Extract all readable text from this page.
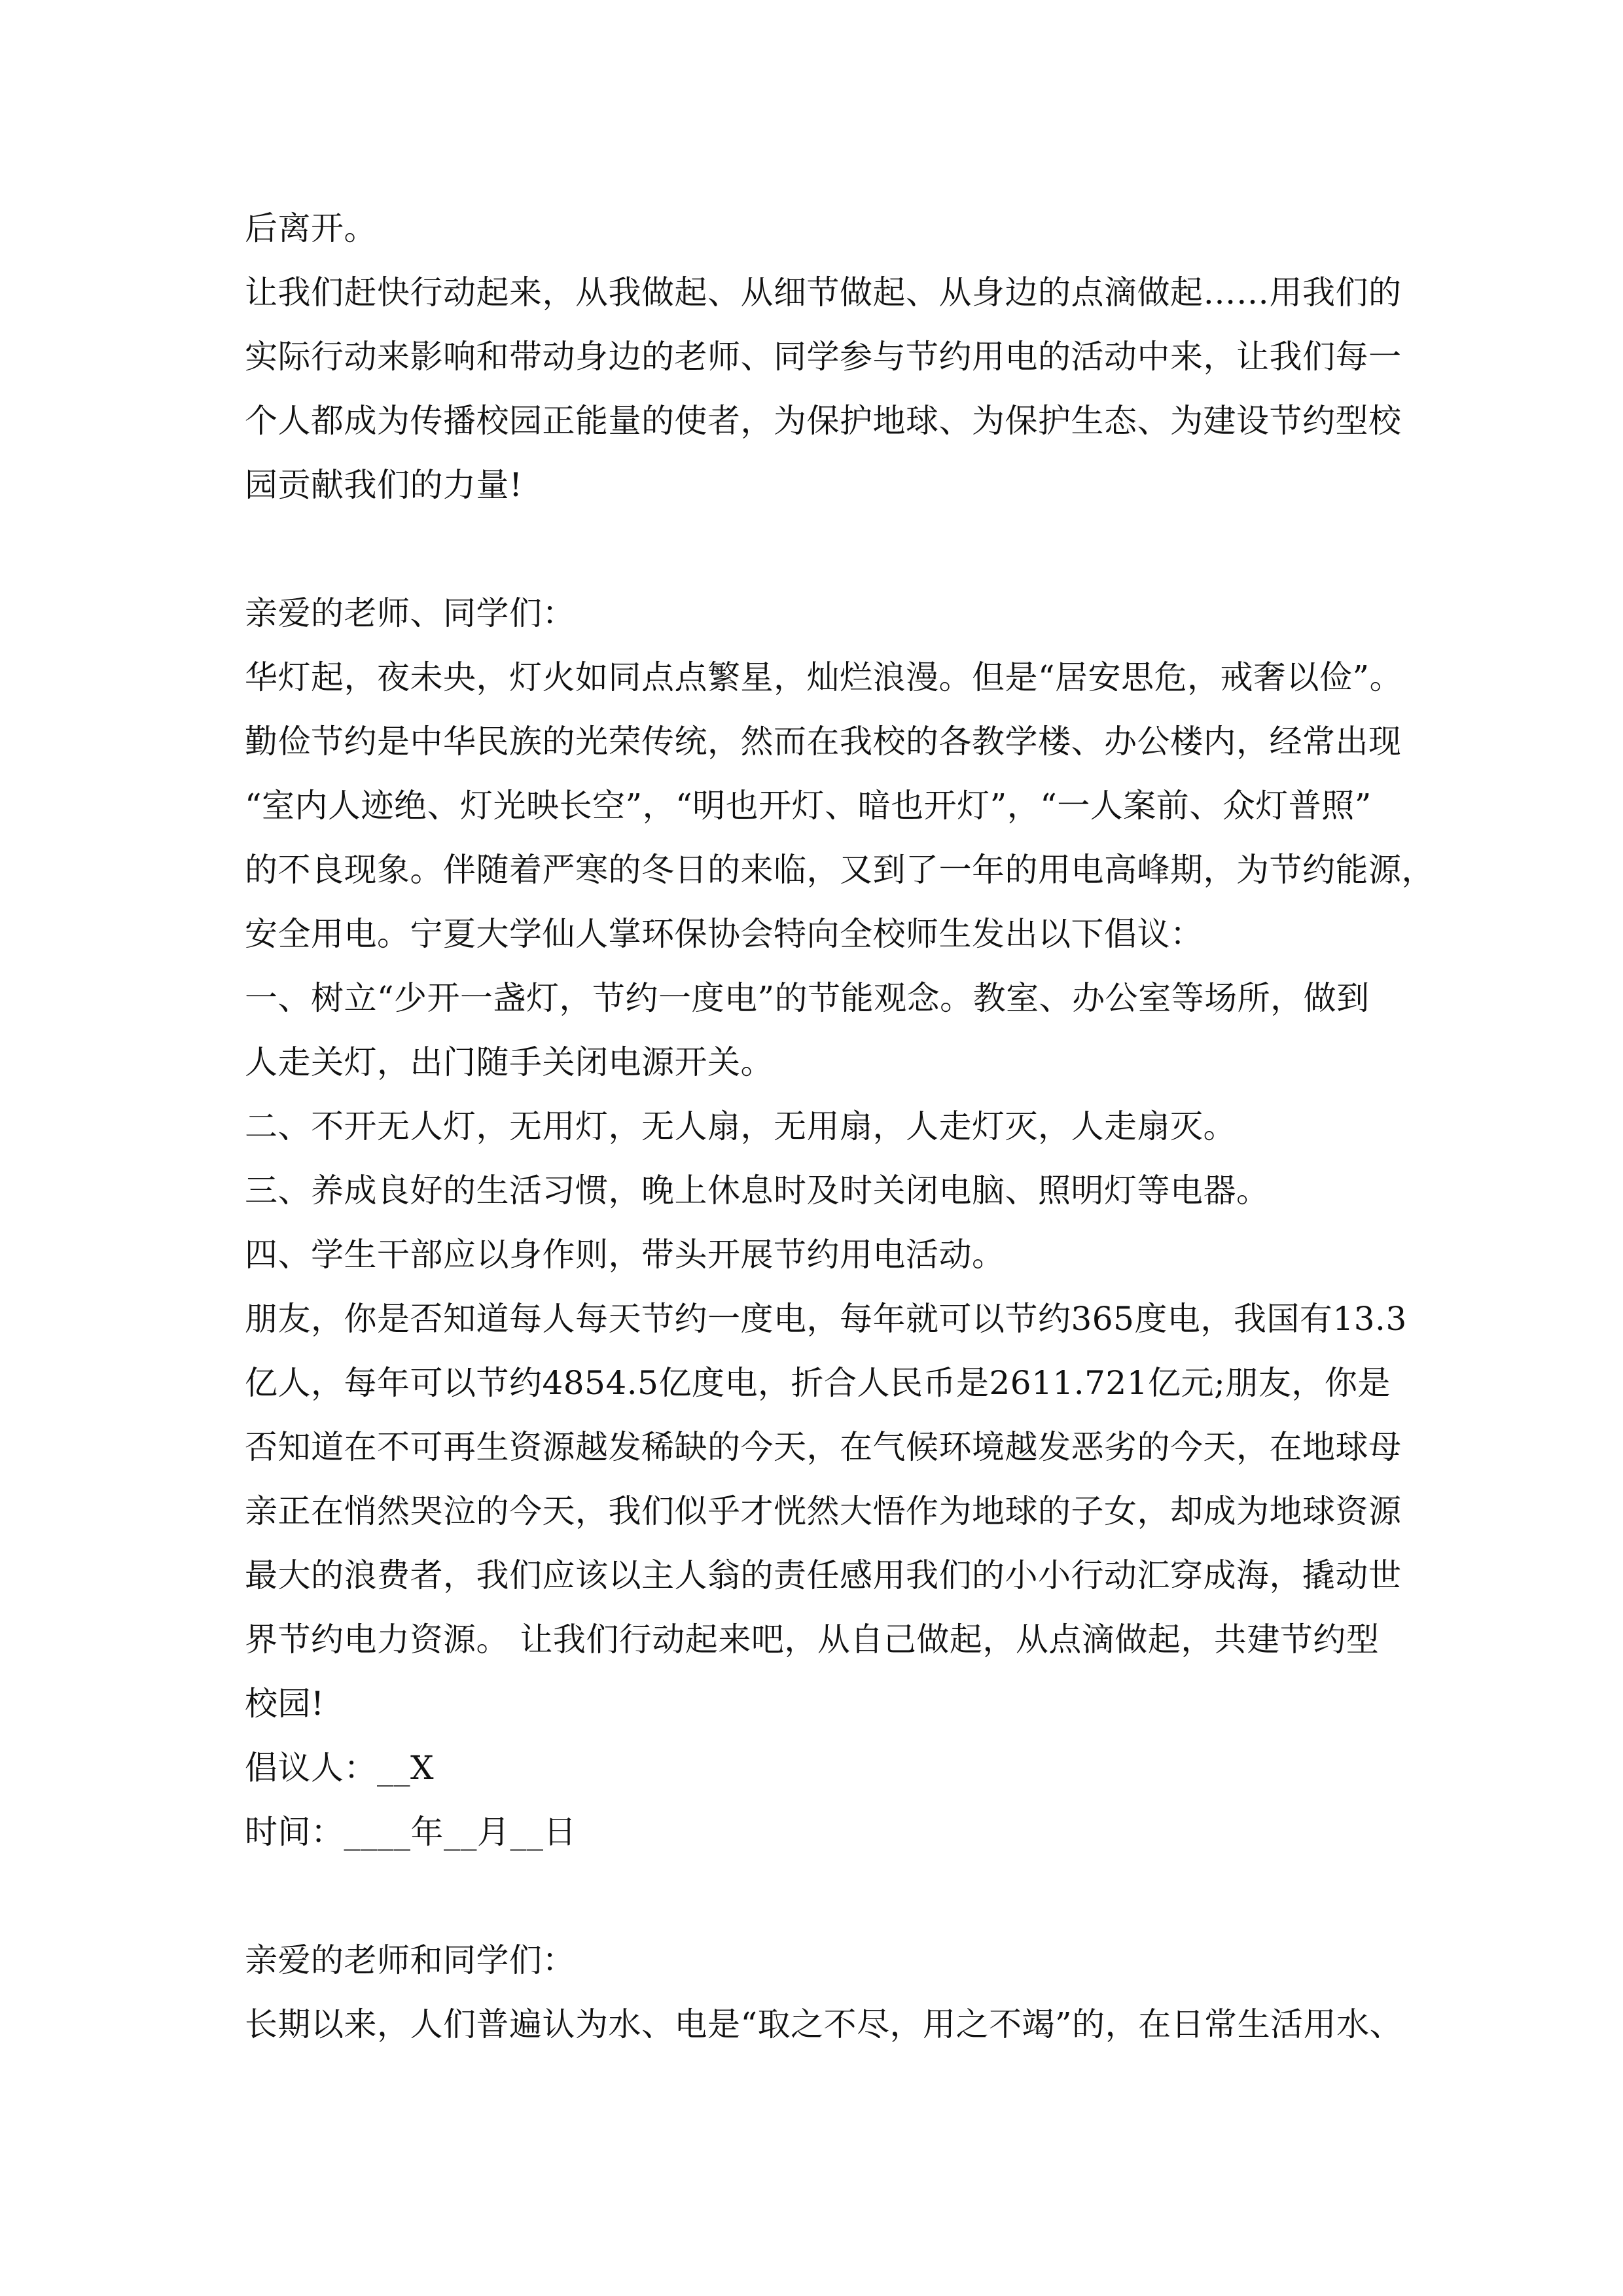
后离开。
让我们赶快行动起来，从我做起、从细节做起、从身边的点滴做起……用我们的
实际行动来影响和带动身边的老师、同学参与节约用电的活动中来，让我们每一
个人都成为传播校园正能量的使者，为保护地球、为保护生态、为建设节约型校
园贡献我们的力量!
亲爱的老师、同学们：
华灯起，夜未央，灯火如同点点繁星，灿烂浪漫。但是“居安思危，戒奢以俭”。
勤俭节约是中华民族的光荣传统，然而在我校的各教学楼、办公楼内，经常出现
“室内人迹绝、灯光映长空”，“明也开灯、暗也开灯”，“一人案前、众灯普照”
的不良现象。伴随着严寒的冬日的来临，又到了一年的用电高峰期，为节约能源，
安全用电。宁夏大学仙人掌环保协会特向全校师生发出以下倡议：
一、树立“少开一盏灯，节约一度电”的节能观念。教室、办公室等场所，做到
人走关灯，出门随手关闭电源开关。
二、不开无人灯，无用灯，无人扇，无用扇，人走灯灭，人走扇灭。
三、养成良好的生活习惯，晚上休息时及时关闭电脑、照明灯等电器。
四、学生干部应以身作则，带头开展节约用电活动。
朋友，你是否知道每人每天节约一度电，每年就可以节约365度电，我国有13.3
亿人，每年可以节约4854.5亿度电，折合人民币是2611.721亿元;朋友，你是
否知道在不可再生资源越发稀缺的今天，在气候环境越发恶劣的今天，在地球母
亲正在悄然哭泣的今天，我们似乎才恍然大悟作为地球的子女，却成为地球资源
最大的浪费者，我们应该以主人翁的责任感用我们的小小行动汇穿成海，撬动世
界节约电力资源。 让我们行动起来吧，从自己做起，从点滴做起，共建节约型
校园!
倡议人：__X
时间：____年__月__日
亲爱的老师和同学们：
长期以来，人们普遍认为水、电是“取之不尽，用之不竭”的，在日常生活用水、
